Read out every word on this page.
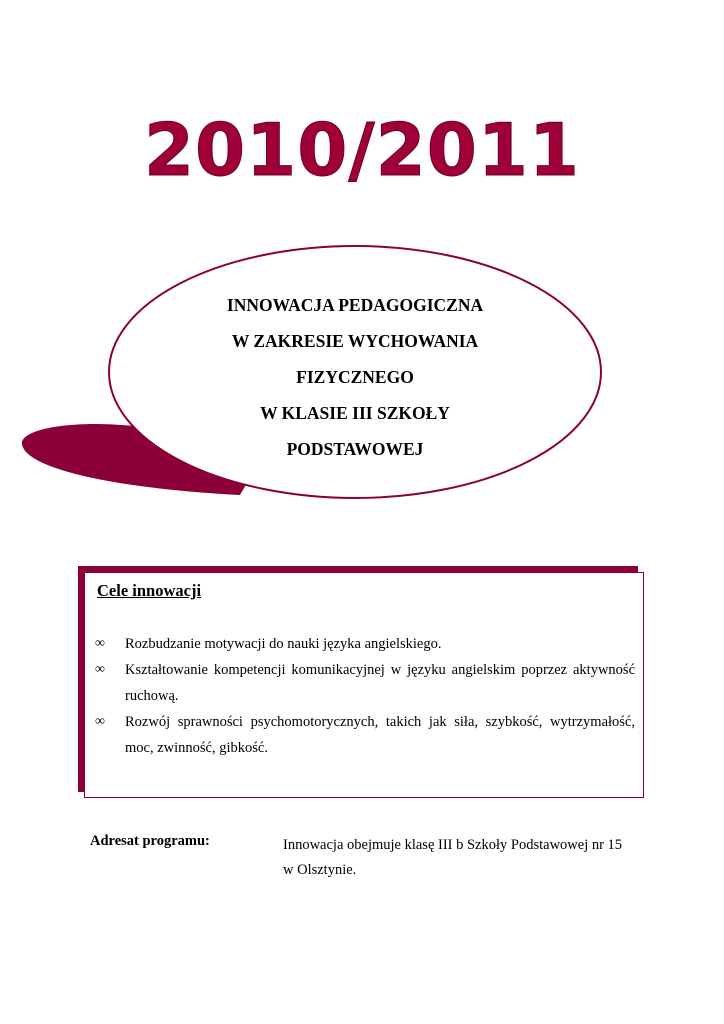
2010/2011
INNOWACJA PEDAGOGICZNA
W ZAKRESIE WYCHOWANIA
FIZYCZNEGO
W KLASIE III SZKOŁY
PODSTAWOWEJ
Cele innowacji
∞ Rozbudzanie motywacji do nauki języka angielskiego.
∞ Kształtowanie kompetencji komunikacyjnej w języku angielskim poprzez aktywność ruchową.
∞ Rozwój sprawności psychomotorycznych, takich jak siła, szybkość, wytrzymałość, moc, zwinność, gibkość.
Adresat programu:	Innowacja obejmuje klasę III b Szkoły Podstawowej nr 15
w Olsztynie.
